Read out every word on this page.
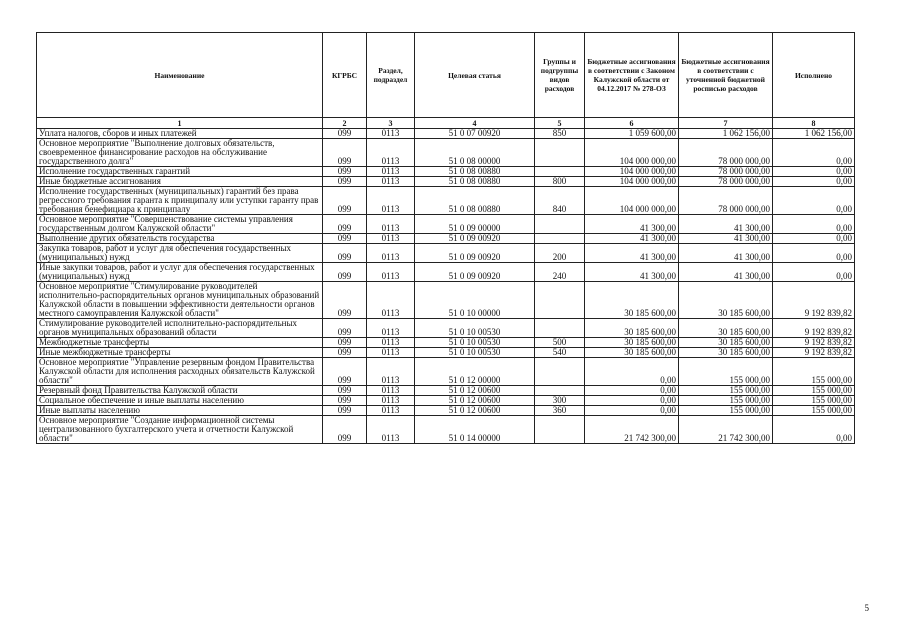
Наименование	КГРБС	Раздел, подраздел	Целевая статья	Группы и подгруппы видов расходов	Бюджетные ассигнования в соответствии с Законом Калужской области от 04.12.2017 № 278-ОЗ	Бюджетные ассигнования в соответствии с уточненной бюджетной росписью расходов	Исполнено
1	2	3	4	5	6	7	8
Уплата налогов, сборов и иных платежей	099	0113	51 0 07 00920	850	1 059 600,00	1 062 156,00	1 062 156,00
Основное мероприятие "Выполнение долговых обязательств, своевременное финансирование расходов на обслуживание государственного долга"	099	0113	51 0 08 00000		104 000 000,00	78 000 000,00	0,00
Исполнение государственных гарантий	099	0113	51 0 08 00880		104 000 000,00	78 000 000,00	0,00
Иные бюджетные ассигнования	099	0113	51 0 08 00880	800	104 000 000,00	78 000 000,00	0,00
Исполнение государственных (муниципальных) гарантий без права регрессного требования гаранта к принципалу или уступки гаранту прав требования бенефициара к принципалу	099	0113	51 0 08 00880	840	104 000 000,00	78 000 000,00	0,00
Основное мероприятие "Совершенствование системы управления государственным долгом Калужской области"	099	0113	51 0 09 00000		41 300,00	41 300,00	0,00
Выполнение других обязательств государства	099	0113	51 0 09 00920		41 300,00	41 300,00	0,00
Закупка товаров, работ и услуг для обеспечения государственных (муниципальных) нужд	099	0113	51 0 09 00920	200	41 300,00	41 300,00	0,00
Иные закупки товаров, работ и услуг для обеспечения государственных (муниципальных) нужд	099	0113	51 0 09 00920	240	41 300,00	41 300,00	0,00
Основное мероприятие "Стимулирование руководителей исполнительно-распорядительных органов муниципальных образований Калужской области в повышении эффективности деятельности органов местного самоуправления Калужской области"	099	0113	51 0 10 00000		30 185 600,00	30 185 600,00	9 192 839,82
Стимулирование руководителей исполнительно-распорядительных органов муниципальных образований области	099	0113	51 0 10 00530		30 185 600,00	30 185 600,00	9 192 839,82
Межбюджетные трансферты	099	0113	51 0 10 00530	500	30 185 600,00	30 185 600,00	9 192 839,82
Иные межбюджетные трансферты	099	0113	51 0 10 00530	540	30 185 600,00	30 185 600,00	9 192 839,82
Основное мероприятие "Управление резервным фондом Правительства Калужской области для исполнения расходных обязательств Калужской области"	099	0113	51 0 12 00000		0,00	155 000,00	155 000,00
Резервный фонд Правительства Калужской области	099	0113	51 0 12 00600		0,00	155 000,00	155 000,00
Социальное обеспечение и иные выплаты населению	099	0113	51 0 12 00600	300	0,00	155 000,00	155 000,00
Иные выплаты населению	099	0113	51 0 12 00600	360	0,00	155 000,00	155 000,00
Основное мероприятие "Создание информационной системы централизованного бухгалтерского учета и отчетности Калужской области"	099	0113	51 0 14 00000		21 742 300,00	21 742 300,00	0,00
5
